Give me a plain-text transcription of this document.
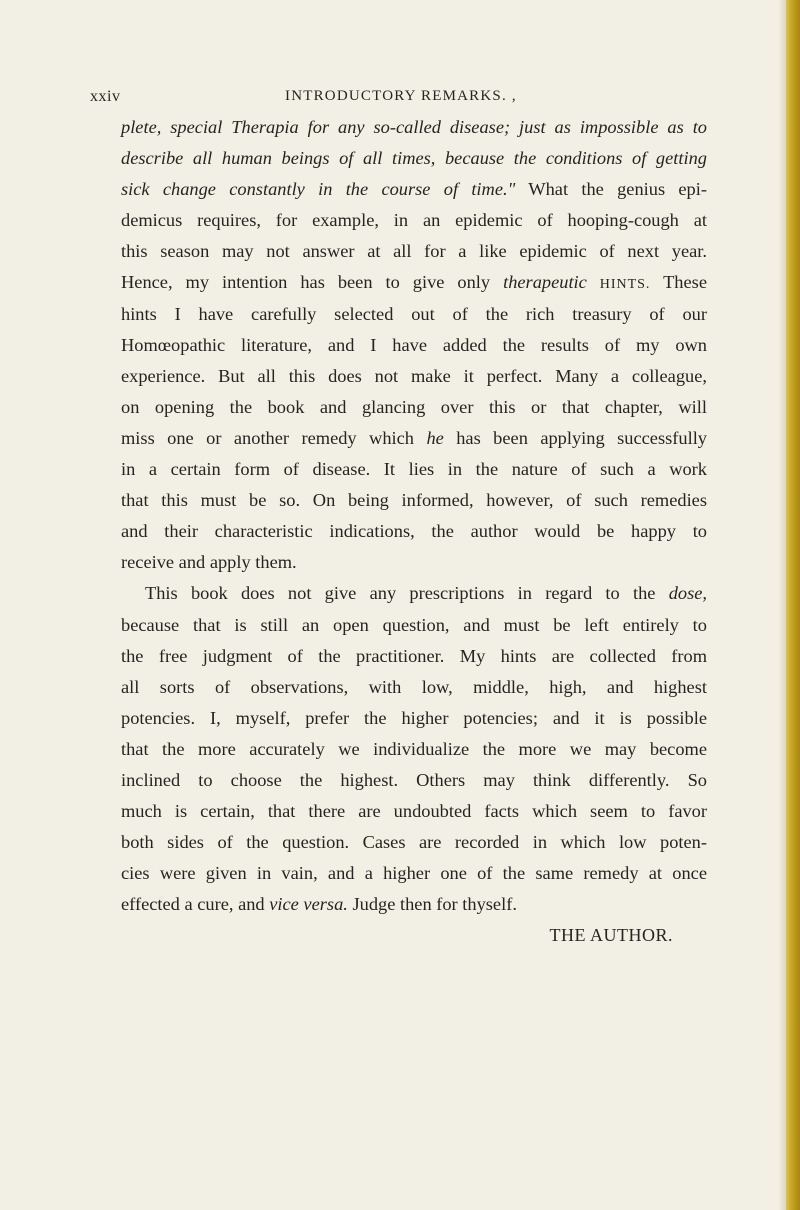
xxiv	INTRODUCTORY REMARKS. ,
plete, special Therapia for any so-called disease; just as impossible as to
describe all human beings of all times, because the conditions of getting
sick change constantly in the course of time." What the genius epi-
demicus requires, for example, in an epidemic of hooping-cough at
this season may not answer at all for a like epidemic of next year.
Hence, my intention has been to give only therapeutic HINTS. These
hints I have carefully selected out of the rich treasury of our
Homœopathic literature, and I have added the results of my own
experience. But all this does not make it perfect. Many a colleague,
on opening the book and glancing over this or that chapter, will
miss one or another remedy which he has been applying successfully
in a certain form of disease. It lies in the nature of such a work
that this must be so. On being informed, however, of such remedies
and their characteristic indications, the author would be happy to
receive and apply them.
This book does not give any prescriptions in regard to the dose,
because that is still an open question, and must be left entirely to
the free judgment of the practitioner. My hints are collected from
all sorts of observations, with low, middle, high, and highest
potencies. I, myself, prefer the higher potencies; and it is possible
that the more accurately we individualize the more we may become
inclined to choose the highest. Others may think differently. So
much is certain, that there are undoubted facts which seem to favor
both sides of the question. Cases are recorded in which low poten-
cies were given in vain, and a higher one of the same remedy at once
effected a cure, and vice versa. Judge then for thyself.
THE AUTHOR.
